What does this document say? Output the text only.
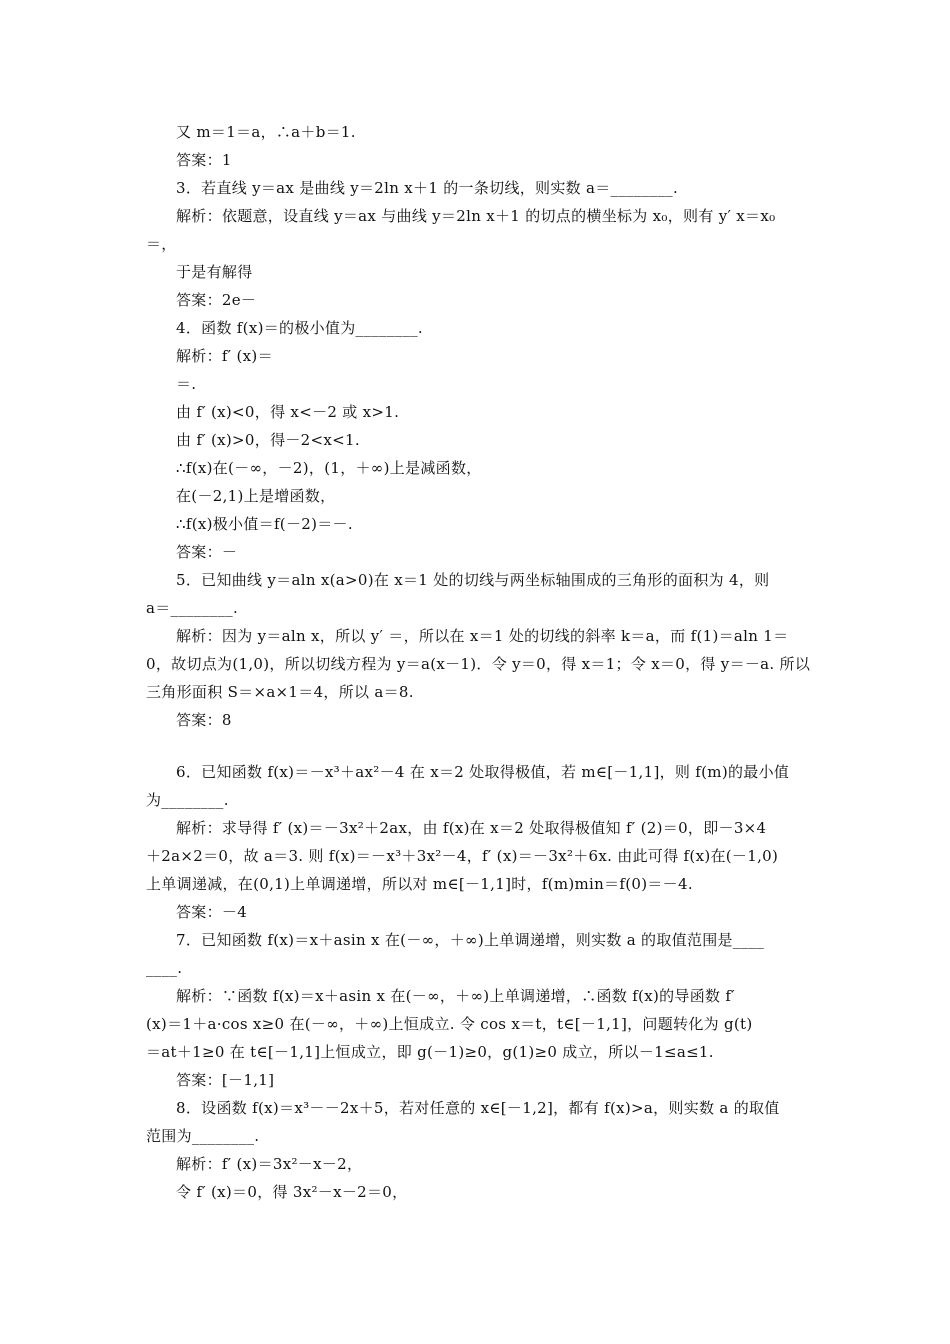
又 m＝1＝a，∴a＋b＝1.
答案：1
3．若直线 y＝ax 是曲线 y＝2ln x＋1 的一条切线，则实数 a＝________.
解析：依题意，设直线 y＝ax 与曲线 y＝2ln x＋1 的切点的横坐标为 x₀，则有 y′ x＝x₀
＝，
于是有解得
答案：2e－
4．函数 f(x)＝的极小值为________.
解析：f′ (x)＝
＝.
由 f′ (x)<0，得 x<－2 或 x>1.
由 f′ (x)>0，得－2<x<1.
∴f(x)在(－∞，－2)，(1，＋∞)上是减函数，
在(－2,1)上是增函数，
∴f(x)极小值＝f(－2)＝－.
答案：－
5．已知曲线 y＝aln x(a>0)在 x＝1 处的切线与两坐标轴围成的三角形的面积为 4，则
a＝________.
解析：因为 y＝aln x，所以 y′ ＝，所以在 x＝1 处的切线的斜率 k＝a，而 f(1)＝aln 1＝
0，故切点为(1,0)，所以切线方程为 y＝a(x－1)．令 y＝0，得 x＝1；令 x＝0，得 y＝－a. 所以
三角形面积 S＝×a×1＝4，所以 a＝8.
答案：8
6．已知函数 f(x)＝－x³＋ax²－4 在 x＝2 处取得极值，若 m∈[－1,1]，则 f(m)的最小值
为________.
解析：求导得 f′ (x)＝－3x²＋2ax，由 f(x)在 x＝2 处取得极值知 f′ (2)＝0，即－3×4
＋2a×2＝0，故 a＝3. 则 f(x)＝－x³＋3x²－4，f′ (x)＝－3x²＋6x. 由此可得 f(x)在(－1,0)
上单调递减，在(0,1)上单调递增，所以对 m∈[－1,1]时，f(m)min＝f(0)＝－4.
答案：－4
7．已知函数 f(x)＝x＋asin x 在(－∞，＋∞)上单调递增，则实数 a 的取值范围是____
____.
解析：∵函数 f(x)＝x＋asin x 在(－∞，＋∞)上单调递增，∴函数 f(x)的导函数 f′
(x)＝1＋a·cos x≥0 在(－∞，＋∞)上恒成立. 令 cos x＝t，t∈[－1,1]，问题转化为 g(t)
＝at＋1≥0 在 t∈[－1,1]上恒成立，即 g(－1)≥0，g(1)≥0 成立，所以－1≤a≤1.
答案：[－1,1]
8．设函数 f(x)＝x³－－2x＋5，若对任意的 x∈[－1,2]，都有 f(x)>a，则实数 a 的取值
范围为________.
解析：f′ (x)＝3x²－x－2，
令 f′ (x)＝0，得 3x²－x－2＝0，
